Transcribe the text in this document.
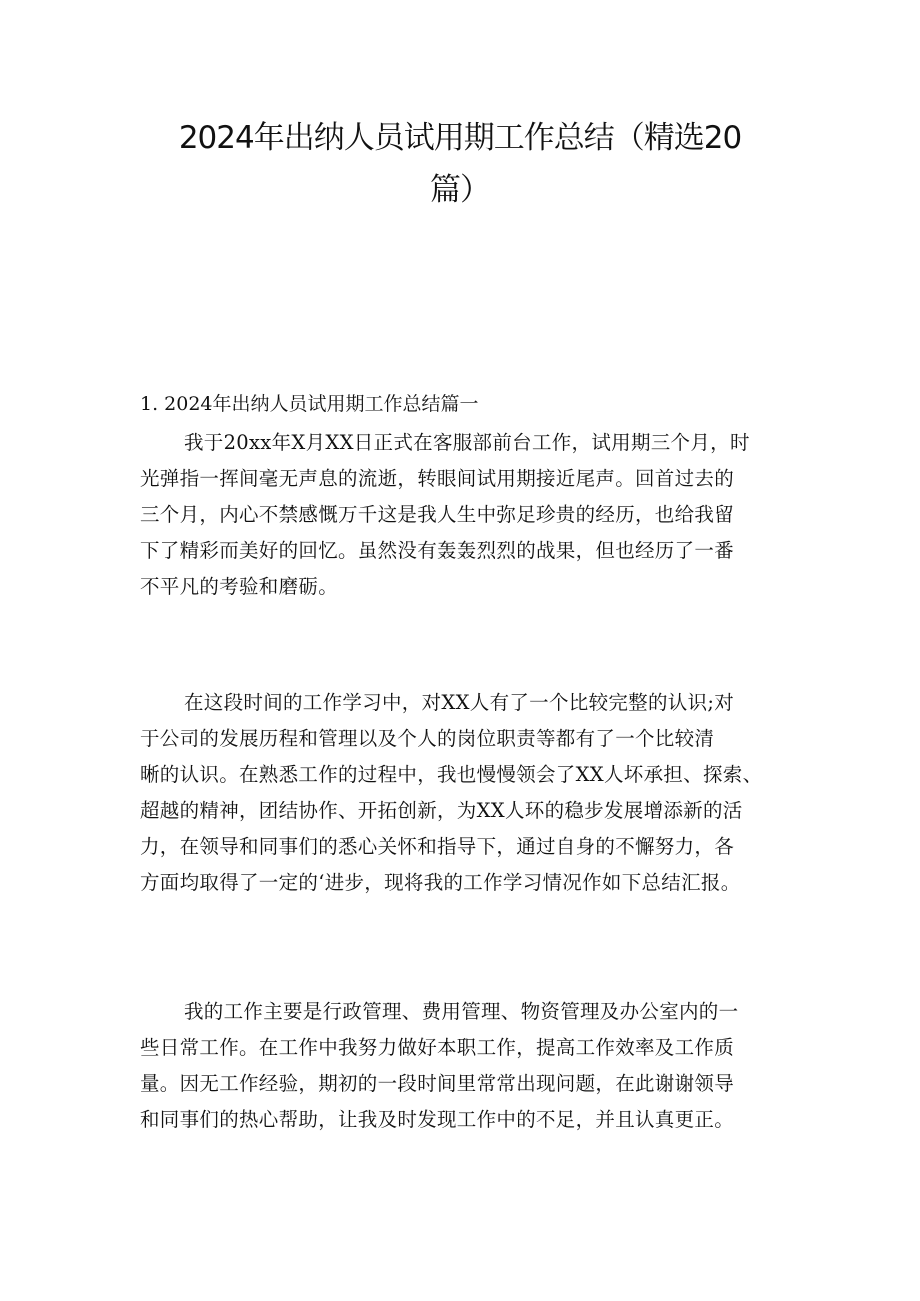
2024年出纳人员试用期工作总结（精选20
篇）
1. 2024年出纳人员试用期工作总结篇一

我于20xx年X月XX日正式在客服部前台工作，试用期三个月，时
光弹指一挥间毫无声息的流逝，转眼间试用期接近尾声。回首过去的
三个月，内心不禁感慨万千这是我人生中弥足珍贵的经历，也给我留
下了精彩而美好的回忆。虽然没有轰轰烈烈的战果，但也经历了一番
不平凡的考验和磨砺。

在这段时间的工作学习中，对XX人有了一个比较完整的认识;对
于公司的发展历程和管理以及个人的岗位职责等都有了一个比较清
晰的认识。在熟悉工作的过程中，我也慢慢领会了XX人坏承担、探索、
超越的精神，团结协作、开拓创新，为XX人环的稳步发展增添新的活
力，在领导和同事们的悉心关怀和指导下，通过自身的不懈努力，各
方面均取得了一定的‘进步，现将我的工作学习情况作如下总结汇报。

我的工作主要是行政管理、费用管理、物资管理及办公室内的一
些日常工作。在工作中我努力做好本职工作，提高工作效率及工作质
量。因无工作经验，期初的一段时间里常常出现问题，在此谢谢领导
和同事们的热心帮助，让我及时发现工作中的不足，并且认真更正。
